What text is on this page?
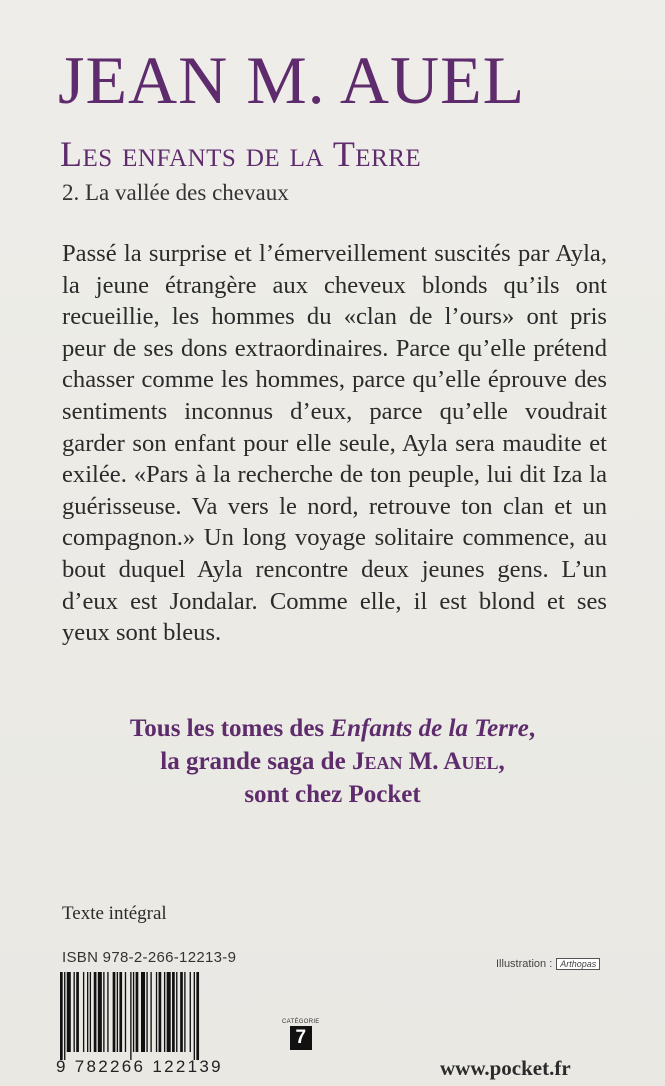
JEAN M. AUEL
Les enfants de la Terre
2. La vallée des chevaux

Passé la surprise et l’émerveillement suscités par Ayla, la jeune étrangère aux cheveux blonds qu’ils ont recueillie, les hommes du «clan de l’ours» ont pris peur de ses dons extraordinaires. Parce qu’elle prétend chasser comme les hommes, parce qu’elle éprouve des sentiments inconnus d’eux, parce qu’elle voudrait garder son enfant pour elle seule, Ayla sera maudite et exilée. «Pars à la recherche de ton peuple, lui dit Iza la guérisseuse. Va vers le nord, retrouve ton clan et un compagnon.» Un long voyage solitaire commence, au bout duquel Ayla rencontre deux jeunes gens. L’un d’eux est Jondalar. Comme elle, il est blond et ses yeux sont bleus.

Tous les tomes des Enfants de la Terre,
la grande saga de Jean M. Auel,
sont chez Pocket
Texte intégral
ISBN 978-2-266-12213-9	Illustration : Arthopas
9 782266 122139
CATÉGORIE
7
www.pocket.fr
